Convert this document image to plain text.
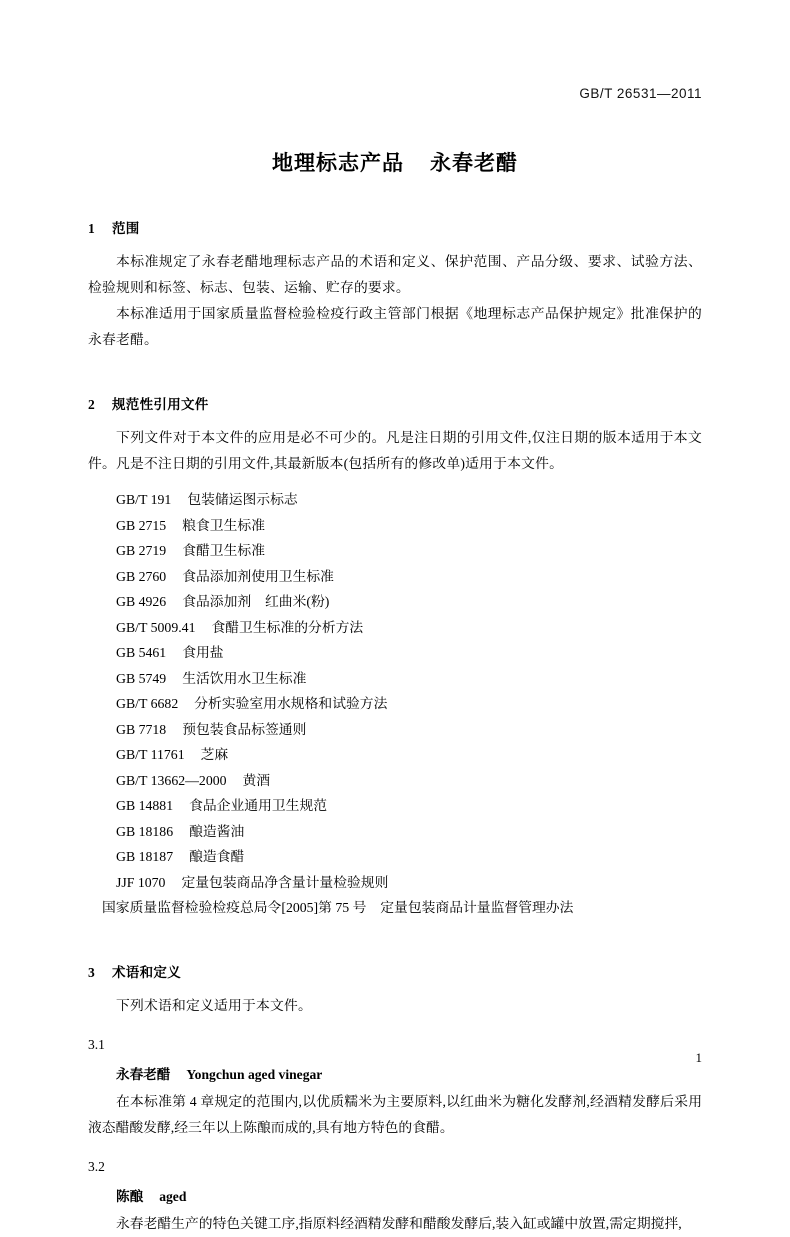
GB/T 26531—2011
地理标志产品 永春老醋
1 范围

本标准规定了永春老醋地理标志产品的术语和定义、保护范围、产品分级、要求、试验方法、检验规则和标签、标志、包装、运输、贮存的要求。

本标准适用于国家质量监督检验检疫行政主管部门根据《地理标志产品保护规定》批准保护的永春老醋。

2 规范性引用文件

下列文件对于本文件的应用是必不可少的。凡是注日期的引用文件,仅注日期的版本适用于本文件。凡是不注日期的引用文件,其最新版本(包括所有的修改单)适用于本文件。

GB/T 191 包装储运图示标志
GB 2715 粮食卫生标准
GB 2719 食醋卫生标准
GB 2760 食品添加剂使用卫生标准
GB 4926 食品添加剂　红曲米(粉)
GB/T 5009.41 食醋卫生标准的分析方法
GB 5461 食用盐
GB 5749 生活饮用水卫生标准
GB/T 6682 分析实验室用水规格和试验方法
GB 7718 预包装食品标签通则
GB/T 11761 芝麻
GB/T 13662—2000 黄酒
GB 14881 食品企业通用卫生规范
GB 18186 酿造酱油
GB 18187 酿造食醋
JJF 1070 定量包装商品净含量计量检验规则
国家质量监督检验检疫总局令[2005]第 75 号　定量包装商品计量监督管理办法
3 术语和定义

下列术语和定义适用于本文件。

3.1
永春老醋 Yongchun aged vinegar

在本标准第 4 章规定的范围内,以优质糯米为主要原料,以红曲米为糖化发酵剂,经酒精发酵后采用液态醋酸发酵,经三年以上陈酿而成的,具有地方特色的食醋。

3.2
陈酿 aged

永春老醋生产的特色关键工序,指原料经酒精发酵和醋酸发酵后,装入缸或罐中放置,需定期搅拌,

1
